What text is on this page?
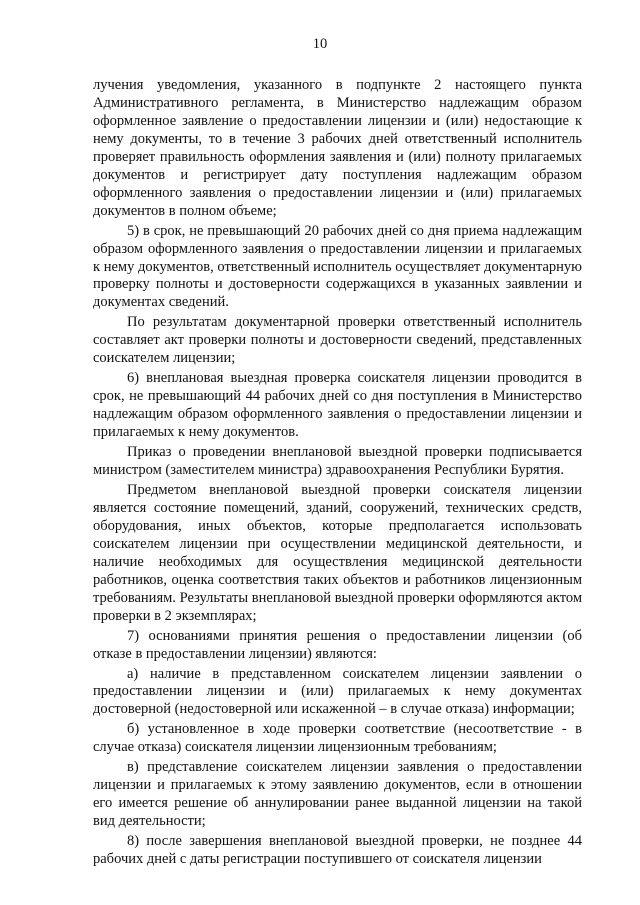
10

лучения уведомления, указанного в подпункте 2 настоящего пункта Административного регламента, в Министерство надлежащим образом оформленное заявление о предоставлении лицензии и (или) недостающие к нему документы, то в течение 3 рабочих дней ответственный исполнитель проверяет правильность оформления заявления и (или) полноту прилагаемых документов и регистрирует дату поступления надлежащим образом оформленного заявления о предоставлении лицензии и (или) прилагаемых документов в полном объеме;

5) в срок, не превышающий 20 рабочих дней со дня приема надлежащим образом оформленного заявления о предоставлении лицензии и прилагаемых к нему документов, ответственный исполнитель осуществляет документарную проверку полноты и достоверности содержащихся в указанных заявлении и документах сведений.

По результатам документарной проверки ответственный исполнитель составляет акт проверки полноты и достоверности сведений, представленных соискателем лицензии;

6) внеплановая выездная проверка соискателя лицензии проводится в срок, не превышающий 44 рабочих дней со дня поступления в Министерство надлежащим образом оформленного заявления о предоставлении лицензии и прилагаемых к нему документов.

Приказ о проведении внеплановой выездной проверки подписывается министром (заместителем министра) здравоохранения Республики Бурятия.

Предметом внеплановой выездной проверки соискателя лицензии является состояние помещений, зданий, сооружений, технических средств, оборудования, иных объектов, которые предполагается использовать соискателем лицензии при осуществлении медицинской деятельности, и наличие необходимых для осуществления медицинской деятельности работников, оценка соответствия таких объектов и работников лицензионным требованиям. Результаты внеплановой выездной проверки оформляются актом проверки в 2 экземплярах;

7) основаниями принятия решения о предоставлении лицензии (об отказе в предоставлении лицензии) являются:

а) наличие в представленном соискателем лицензии заявлении о предоставлении лицензии и (или) прилагаемых к нему документах достоверной (недостоверной или искаженной – в случае отказа) информации;

б) установленное в ходе проверки соответствие (несоответствие - в случае отказа) соискателя лицензии лицензионным требованиям;

в) представление соискателем лицензии заявления о предоставлении лицензии и прилагаемых к этому заявлению документов, если в отношении его имеется решение об аннулировании ранее выданной лицензии на такой вид деятельности;

8) после завершения внеплановой выездной проверки, не позднее 44 рабочих дней с даты регистрации поступившего от соискателя лицензии
